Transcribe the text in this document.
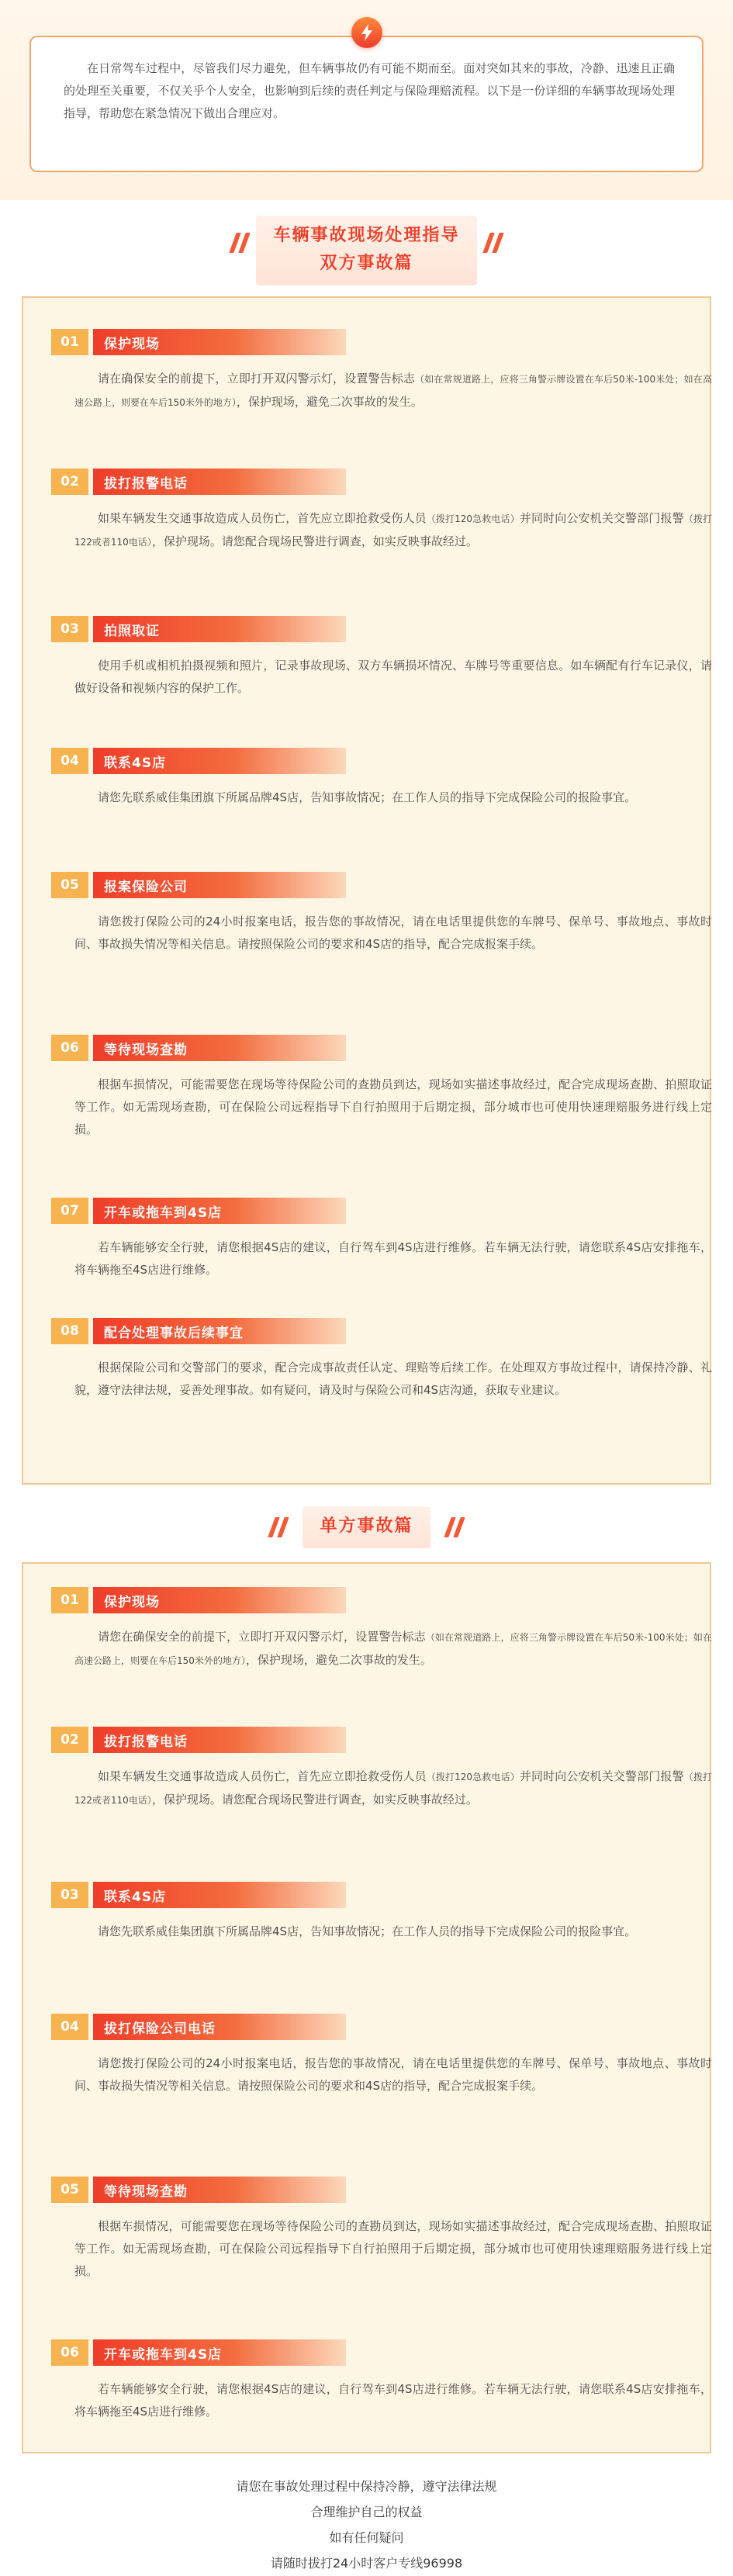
在日常驾车过程中，尽管我们尽力避免，但车辆事故仍有可能不期而至。面对突如其来的事故，冷静、迅速且正确的处理至关重要，不仅关乎个人安全，也影响到后续的责任判定与保险理赔流程。以下是一份详细的车辆事故现场处理指导，帮助您在紧急情况下做出合理应对。
车辆事故现场处理指导
双方事故篇
01	保护现场
请在确保安全的前提下，立即打开双闪警示灯，设置警告标志（如在常规道路上，应将三角警示牌设置在车后50米-100米处；如在高速公路上，则要在车后150米外的地方），保护现场，避免二次事故的发生。
02	拔打报警电话
如果车辆发生交通事故造成人员伤亡，首先应立即抢救受伤人员（拨打120急救电话）并同时向公安机关交警部门报警（拨打122或者110电话），保护现场。请您配合现场民警进行调查，如实反映事故经过。
03	拍照取证
使用手机或相机拍摄视频和照片，记录事故现场、双方车辆损坏情况、车牌号等重要信息。如车辆配有行车记录仪，请做好设备和视频内容的保护工作。
04	联系4S店
请您先联系威佳集团旗下所属品牌4S店，告知事故情况；在工作人员的指导下完成保险公司的报险事宜。
05	报案保险公司
请您拨打保险公司的24小时报案电话，报告您的事故情况，请在电话里提供您的车牌号、保单号、事故地点、事故时间、事故损失情况等相关信息。请按照保险公司的要求和4S店的指导，配合完成报案手续。
06	等待现场查勘
根据车损情况，可能需要您在现场等待保险公司的查勘员到达，现场如实描述事故经过，配合完成现场查勘、拍照取证等工作。如无需现场查勘，可在保险公司远程指导下自行拍照用于后期定损，部分城市也可使用快速理赔服务进行线上定损。
07	开车或拖车到4S店
若车辆能够安全行驶，请您根据4S店的建议，自行驾车到4S店进行维修。若车辆无法行驶，请您联系4S店安排拖车，将车辆拖至4S店进行维修。
08	配合处理事故后续事宜
根据保险公司和交警部门的要求，配合完成事故责任认定、理赔等后续工作。在处理双方事故过程中，请保持冷静、礼貌，遵守法律法规，妥善处理事故。如有疑问，请及时与保险公司和4S店沟通，获取专业建议。
单方事故篇
01	保护现场
请您在确保安全的前提下，立即打开双闪警示灯，设置警告标志（如在常规道路上，应将三角警示牌设置在车后50米-100米处；如在高速公路上，则要在车后150米外的地方），保护现场，避免二次事故的发生。
02	拔打报警电话
如果车辆发生交通事故造成人员伤亡，首先应立即抢救受伤人员（拨打120急救电话）并同时向公安机关交警部门报警（拨打122或者110电话），保护现场。请您配合现场民警进行调查，如实反映事故经过。
03	联系4S店
请您先联系威佳集团旗下所属品牌4S店，告知事故情况；在工作人员的指导下完成保险公司的报险事宜。
04	拔打保险公司电话
请您拨打保险公司的24小时报案电话，报告您的事故情况，请在电话里提供您的车牌号、保单号、事故地点、事故时间、事故损失情况等相关信息。请按照保险公司的要求和4S店的指导，配合完成报案手续。
05	等待现场查勘
根据车损情况，可能需要您在现场等待保险公司的查勘员到达，现场如实描述事故经过，配合完成现场查勘、拍照取证等工作。如无需现场查勘，可在保险公司远程指导下自行拍照用于后期定损，部分城市也可使用快速理赔服务进行线上定损。
06	开车或拖车到4S店
若车辆能够安全行驶，请您根据4S店的建议，自行驾车到4S店进行维修。若车辆无法行驶，请您联系4S店安排拖车，将车辆拖至4S店进行维修。
请您在事故处理过程中保持冷静，遵守法律法规
合理维护自己的权益
如有任何疑问
请随时拔打24小时客户专线96998
